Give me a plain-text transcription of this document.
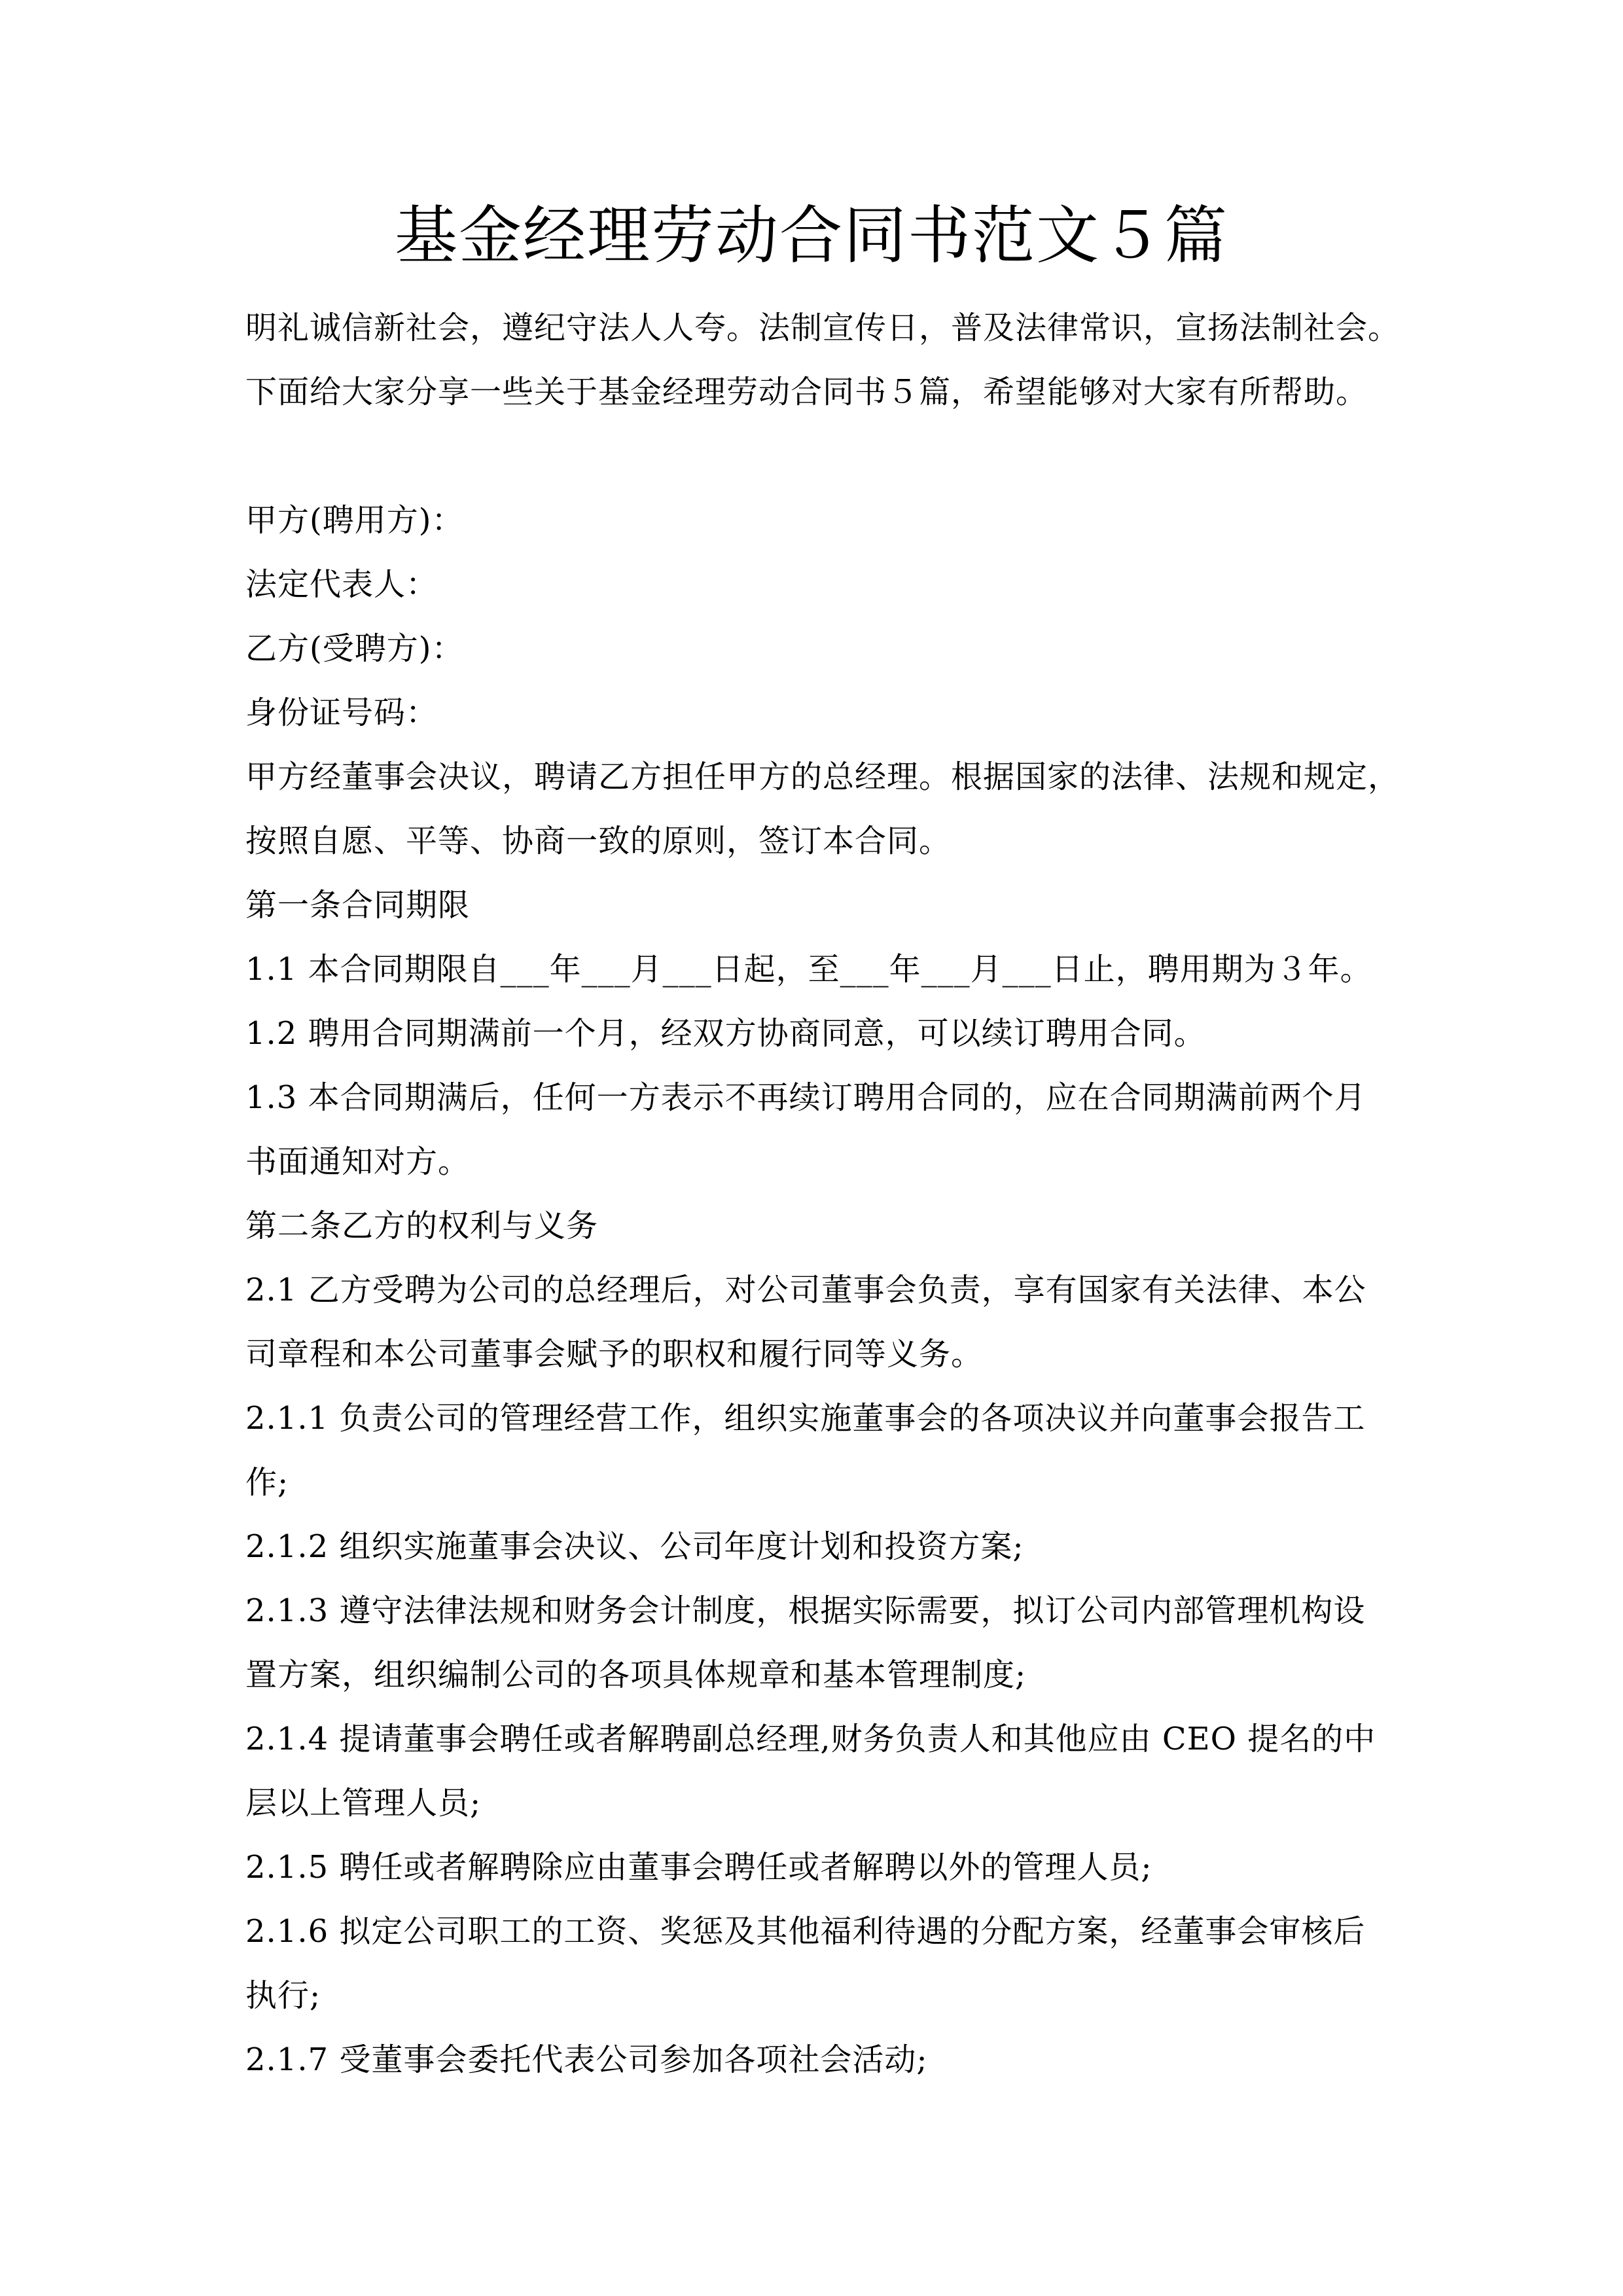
基金经理劳动合同书范文５篇
明礼诚信新社会，遵纪守法人人夸。法制宣传日，普及法律常识，宣扬法制社会。
下面给大家分享一些关于基金经理劳动合同书５篇，希望能够对大家有所帮助。
甲方(聘用方)：
法定代表人：
乙方(受聘方)：
身份证号码：
甲方经董事会决议，聘请乙方担任甲方的总经理。根据国家的法律、法规和规定，
按照自愿、平等、协商一致的原则，签订本合同。
第一条合同期限
1.1 本合同期限自___年___月___日起，至___年___月___日止，聘用期为３年。
1.2 聘用合同期满前一个月，经双方协商同意，可以续订聘用合同。
1.3 本合同期满后，任何一方表示不再续订聘用合同的，应在合同期满前两个月
书面通知对方。
第二条乙方的权利与义务
2.1 乙方受聘为公司的总经理后，对公司董事会负责，享有国家有关法律、本公
司章程和本公司董事会赋予的职权和履行同等义务。
2.1.1 负责公司的管理经营工作，组织实施董事会的各项决议并向董事会报告工
作;
2.1.2 组织实施董事会决议、公司年度计划和投资方案;
2.1.3 遵守法律法规和财务会计制度，根据实际需要，拟订公司内部管理机构设
置方案，组织编制公司的各项具体规章和基本管理制度;
2.1.4 提请董事会聘任或者解聘副总经理,财务负责人和其他应由 CEO 提名的中
层以上管理人员;
2.1.5 聘任或者解聘除应由董事会聘任或者解聘以外的管理人员;
2.1.6 拟定公司职工的工资、奖惩及其他福利待遇的分配方案，经董事会审核后
执行;
2.1.7 受董事会委托代表公司参加各项社会活动;
